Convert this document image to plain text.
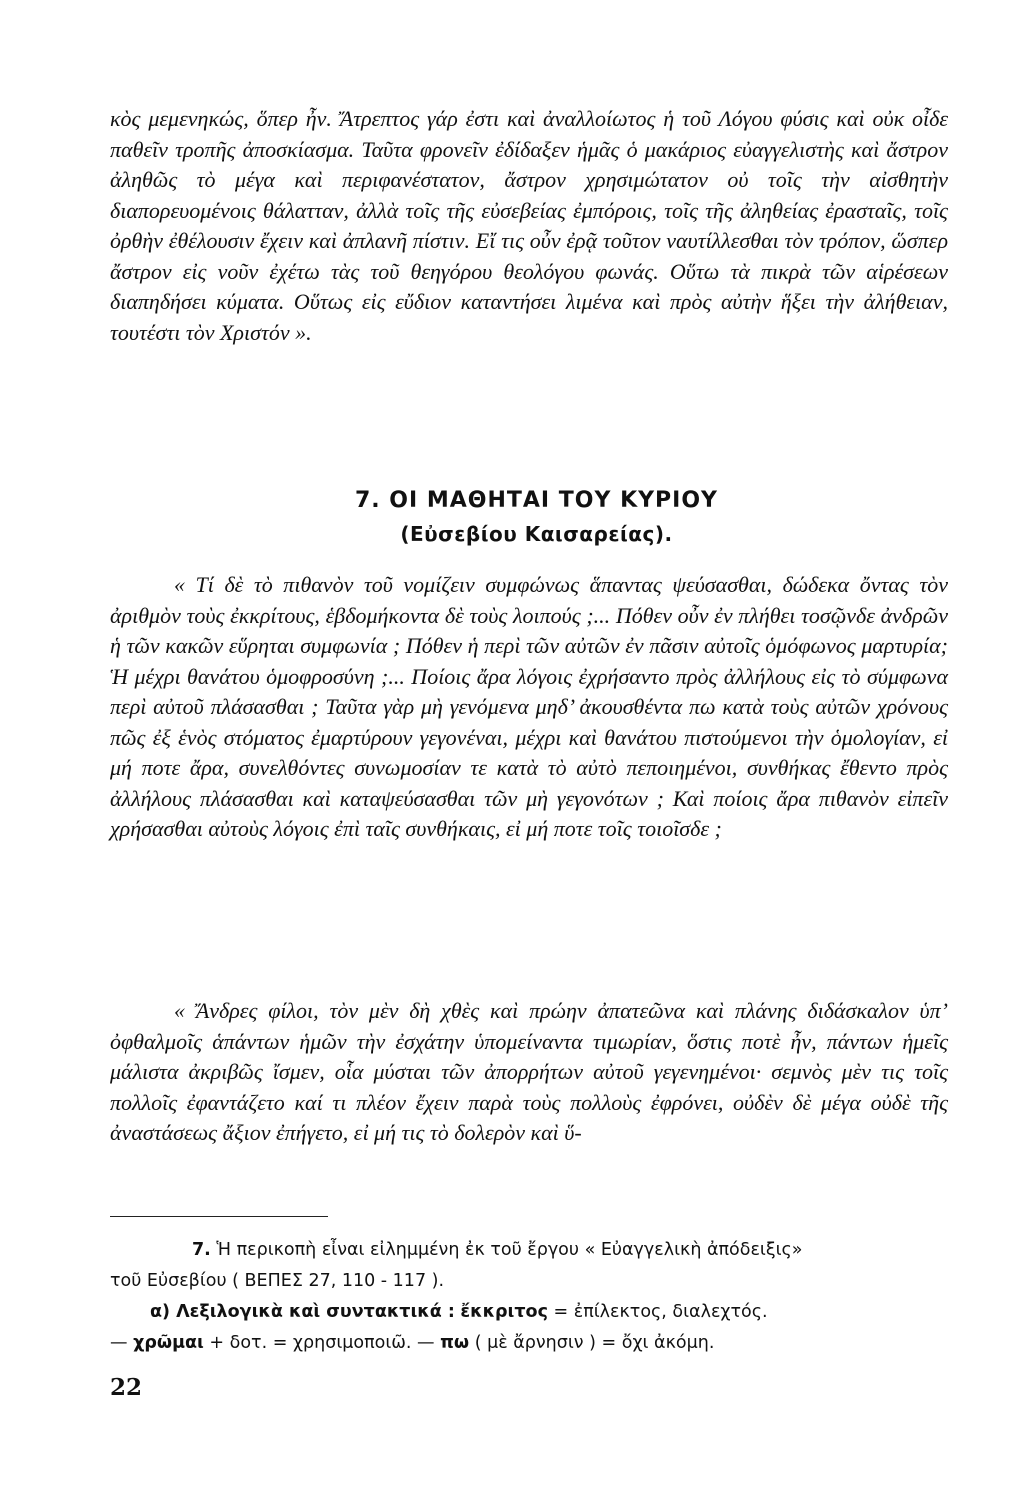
κὸς μεμενηκώς, ὅπερ ἦν. Ἄτρεπτος γάρ ἐστι καὶ ἀναλλοίωτος ἡ τοῦ Λόγου φύσις καὶ οὐκ οἶδε παθεῖν τροπῆς ἀποσκίασμα. Ταῦτα φρονεῖν ἐδίδαξεν ἡμᾶς ὁ μακάριος εὐαγγελιστὴς καὶ ἄστρον ἀληθῶς τὸ μέγα καὶ περιφανέστατον, ἄστρον χρησιμώτατον οὐ τοῖς τὴν αἰσθητὴν διαπορευομένοις θάλατταν, ἀλλὰ τοῖς τῆς εὐσεβείας ἐμπόροις, τοῖς τῆς ἀληθείας ἐρασταῖς, τοῖς ὀρθὴν ἐθέλουσιν ἔχειν καὶ ἀπλανῆ πίστιν. Εἴ τις οὖν ἐρᾷ τοῦτον ναυτίλλεσθαι τὸν τρόπον, ὥσπερ ἄστρον εἰς νοῦν ἐχέτω τὰς τοῦ θεηγόρου θεολόγου φωνάς. Οὕτω τὰ πικρὰ τῶν αἱρέσεων διαπηδήσει κύματα. Οὕτως εἰς εὔδιον καταντήσει λιμένα καὶ πρὸς αὐτὴν ἥξει τὴν ἀλήθειαν, τουτέστι τὸν Χριστόν ».

7. ΟΙ ΜΑΘΗΤΑΙ ΤΟΥ ΚΥΡΙΟΥ
(Εὐσεβίου Καισαρείας).

« Τί δὲ τὸ πιθανὸν τοῦ νομίζειν συμφώνως ἅπαντας ψεύσασθαι, δώδεκα ὄντας τὸν ἀριθμὸν τοὺς ἐκκρίτους, ἑβδομήκοντα δὲ τοὺς λοιπούς ;... Πόθεν οὖν ἐν πλήθει τοσῷνδε ἀνδρῶν ἡ τῶν κακῶν εὕρηται συμφωνία ; Πόθεν ἡ περὶ τῶν αὐτῶν ἐν πᾶσιν αὐτοῖς ὁμόφωνος μαρτυρία; Ἡ μέχρι θανάτου ὁμοφροσύνη ;... Ποίοις ἄρα λόγοις ἐχρήσαντο πρὸς ἀλλήλους εἰς τὸ σύμφωνα περὶ αὐτοῦ πλάσασθαι ; Ταῦτα γὰρ μὴ γενόμενα μηδ’ ἀκουσθέντα πω κατὰ τοὺς αὐτῶν χρόνους πῶς ἐξ ἑνὸς στόματος ἐμαρτύρουν γεγονέναι, μέχρι καὶ θανάτου πιστούμενοι τὴν ὁμολογίαν, εἰ μή ποτε ἄρα, συνελθόντες συνωμοσίαν τε κατὰ τὸ αὐτὸ πεποιημένοι, συνθήκας ἔθεντο πρὸς ἀλλήλους πλάσασθαι καὶ καταψεύσασθαι τῶν μὴ γεγονότων ; Καὶ ποίοις ἄρα πιθανὸν εἰπεῖν χρήσασθαι αὐτοὺς λόγοις ἐπὶ ταῖς συνθήκαις, εἰ μή ποτε τοῖς τοιοῖσδε ;

« Ἄνδρες φίλοι, τὸν μὲν δὴ χθὲς καὶ πρώην ἀπατεῶνα καὶ πλάνης διδάσκαλον ὑπ’ ὀφθαλμοῖς ἁπάντων ἡμῶν τὴν ἐσχάτην ὑπομείναντα τιμωρίαν, ὅστις ποτὲ ἦν, πάντων ἡμεῖς μάλιστα ἀκριβῶς ἴσμεν, οἷα μύσται τῶν ἀπορρήτων αὐτοῦ γεγενημένοι· σεμνὸς μὲν τις τοῖς πολλοῖς ἐφαντάζετο καί τι πλέον ἔχειν παρὰ τοὺς πολλοὺς ἐφρόνει, οὐδὲν δὲ μέγα οὐδὲ τῆς ἀναστάσεως ἄξιον ἐπήγετο, εἰ μή τις τὸ δολερὸν καὶ ὕ-

7. Ἡ περικοπὴ εἶναι εἰλημμένη ἐκ τοῦ ἔργου « Εὐαγγελικὴ ἀπόδειξις»
τοῦ Εὐσεβίου ( ΒΕΠΕΣ 27, 110 - 117 ).

α) Λεξιλογικὰ καὶ συντακτικά : ἔκκριτος = ἐπίλεκτος, διαλεχτός.
— χρῶμαι + δοτ. = χρησιμοποιῶ. — πω ( μὲ ἄρνησιν ) = ὄχι ἀκόμη.

22
